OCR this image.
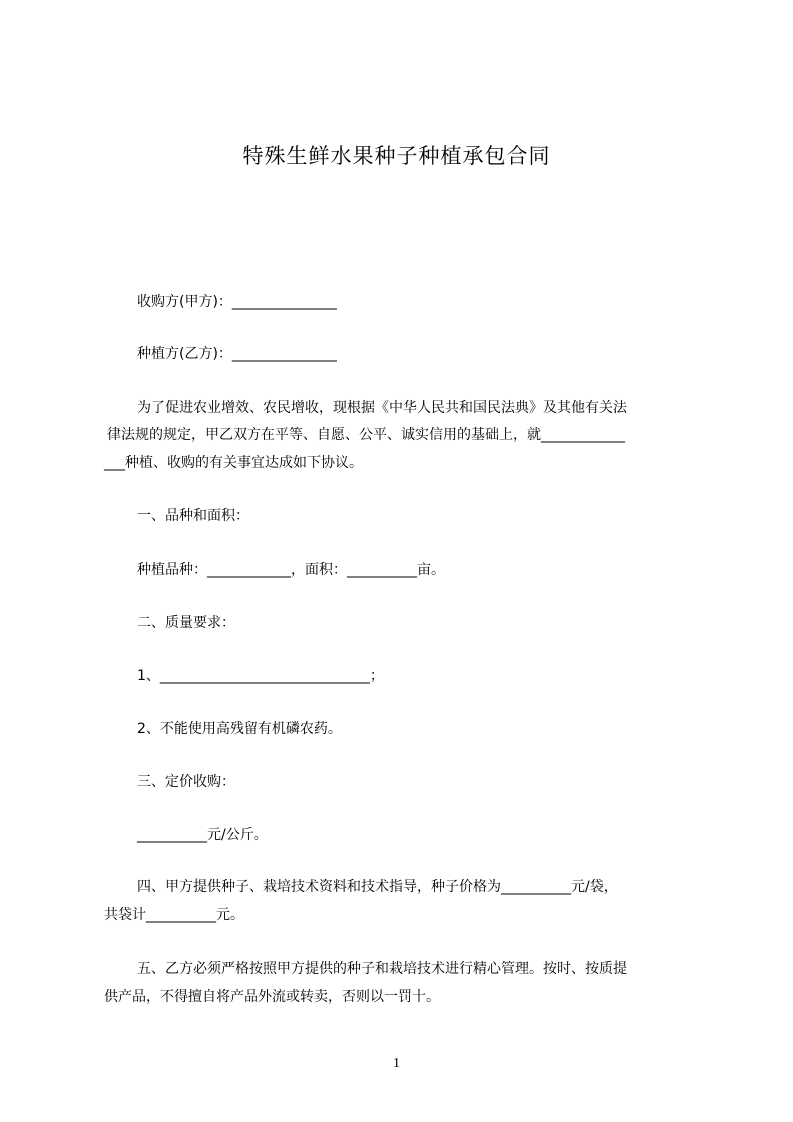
特殊生鲜水果种子种植承包合同
收购方(甲方)：_______________
种植方(乙方)：_______________
为了促进农业增效、农民增收，现根据《中华人民共和国民法典》及其他有关法
律法规的规定，甲乙双方在平等、自愿、公平、诚实信用的基础上，就____________
___种植、收购的有关事宜达成如下协议。
一、品种和面积：
种植品种：____________，面积：__________亩。
二、质量要求：
1、______________________________；
2、不能使用高残留有机磷农药。
三、定价收购：
__________元/公斤。
四、甲方提供种子、栽培技术资料和技术指导，种子价格为__________元/袋，
共袋计__________元。
五、乙方必须严格按照甲方提供的种子和栽培技术进行精心管理。按时、按质提
供产品，不得擅自将产品外流或转卖，否则以一罚十。
1
